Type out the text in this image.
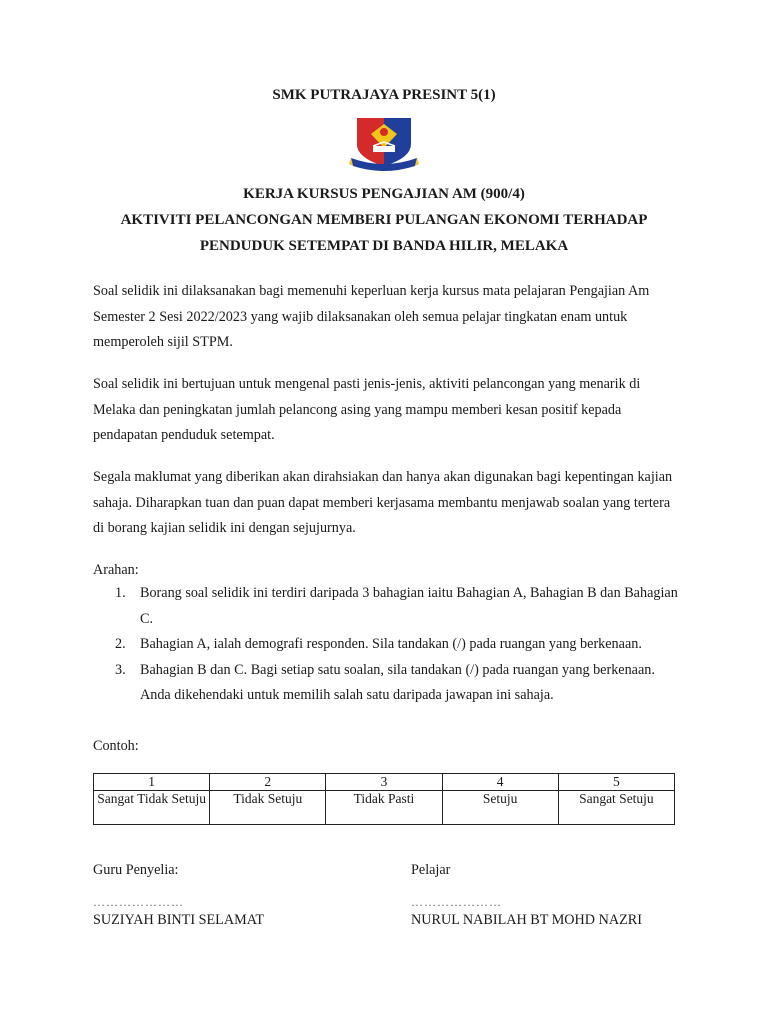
SMK PUTRAJAYA PRESINT 5(1)
KERJA KURSUS PENGAJIAN AM (900/4)
AKTIVITI PELANCONGAN MEMBERI PULANGAN EKONOMI TERHADAP
PENDUDUK SETEMPAT DI BANDA HILIR, MELAKA
Soal selidik ini dilaksanakan bagi memenuhi keperluan kerja kursus mata pelajaran Pengajian Am Semester 2 Sesi 2022/2023 yang wajib dilaksanakan oleh semua pelajar tingkatan enam untuk memperoleh sijil STPM.
Soal selidik ini bertujuan untuk mengenal pasti jenis-jenis, aktiviti pelancongan yang menarik di Melaka dan peningkatan jumlah pelancong asing yang mampu memberi kesan positif kepada pendapatan penduduk setempat.
Segala maklumat yang diberikan akan dirahsiakan dan hanya akan digunakan bagi kepentingan kajian sahaja. Diharapkan tuan dan puan dapat memberi kerjasama membantu menjawab soalan yang tertera di borang kajian selidik ini dengan sejujurnya.
Arahan:
1. Borang soal selidik ini terdiri daripada 3 bahagian iaitu Bahagian A, Bahagian B dan Bahagian C.
2. Bahagian A, ialah demografi responden. Sila tandakan (/) pada ruangan yang berkenaan.
3. Bahagian B dan C. Bagi setiap satu soalan, sila tandakan (/) pada ruangan yang berkenaan. Anda dikehendaki untuk memilih salah satu daripada jawapan ini sahaja.
Contoh:
1	2	3	4	5
Sangat Tidak Setuju	Tidak Setuju	Tidak Pasti	Setuju	Sangat Setuju
Guru Penyelia:
…………………
SUZIYAH BINTI SELAMAT
Pelajar
…………………
NURUL NABILAH BT MOHD NAZRI
